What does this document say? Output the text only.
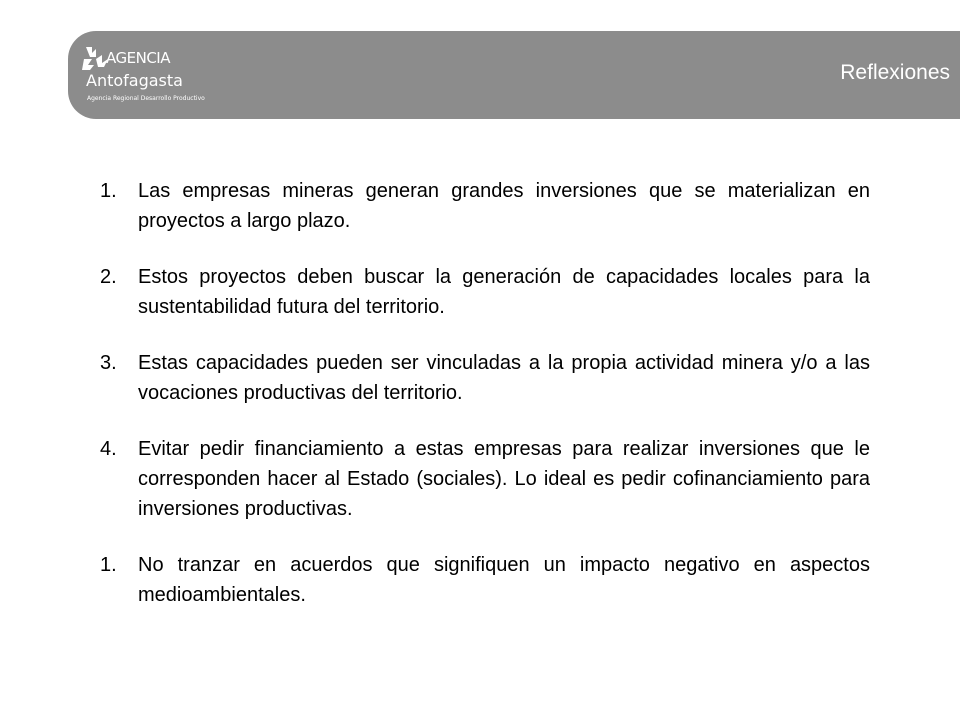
AGENCIA
Antofagasta
Agencia Regional Desarrollo Productivo
Reflexiones
1. Las empresas mineras generan grandes inversiones que se materializan en proyectos a largo plazo.
2. Estos proyectos deben buscar la generación de capacidades locales para la sustentabilidad futura del territorio.
3. Estas capacidades pueden ser vinculadas a la propia actividad minera y/o a las vocaciones productivas del territorio.
4. Evitar pedir financiamiento a estas empresas para realizar inversiones que le corresponden hacer al Estado (sociales). Lo ideal es pedir cofinanciamiento para inversiones productivas.
1. No tranzar en acuerdos que signifiquen un impacto negativo en aspectos medioambientales.
